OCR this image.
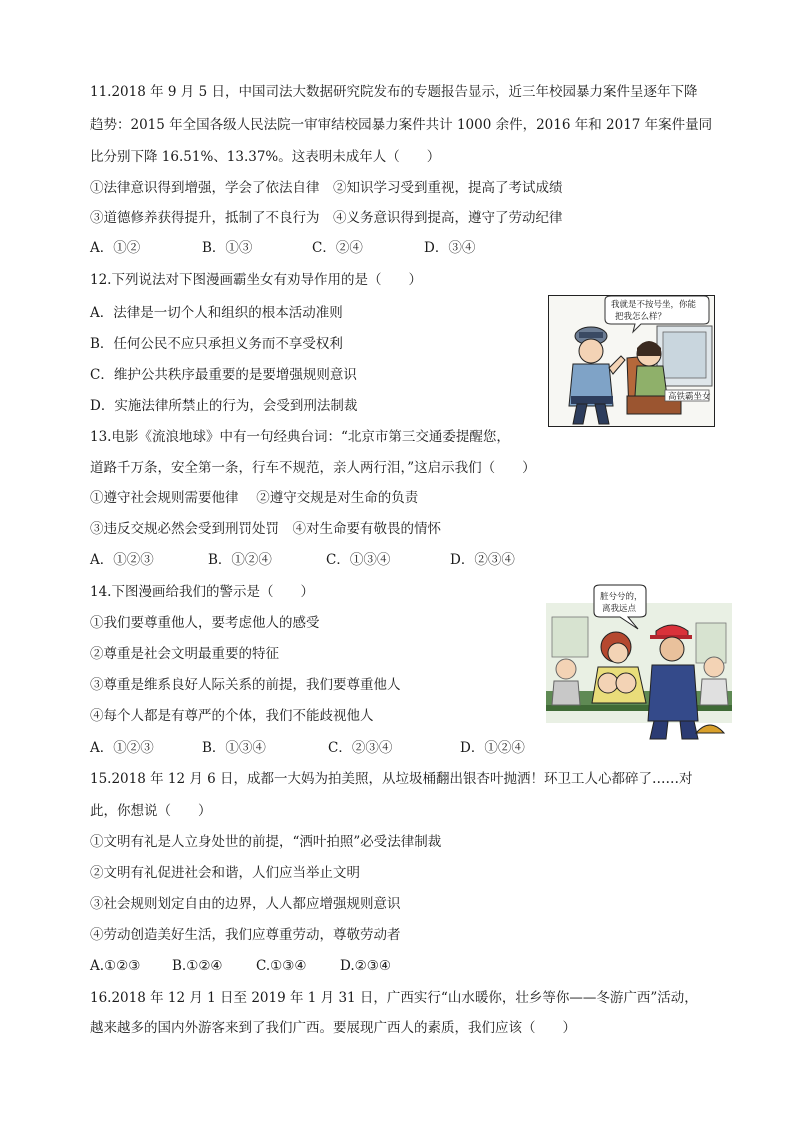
11.2018 年 9 月 5 日，中国司法大数据研究院发布的专题报告显示，近三年校园暴力案件呈逐年下降
趋势：2015 年全国各级人民法院一审审结校园暴力案件共计 1000 余件，2016 年和 2017 年案件量同
比分别下降 16.51%、13.37%。这表明未成年人（　　）
①法律意识得到增强，学会了依法自律　②知识学习受到重视，提高了考试成绩
③道德修养获得提升，抵制了不良行为　④义务意识得到提高，遵守了劳动纪律
A．①②	B．①③	C．②④	D．③④
12.下列说法对下图漫画霸坐女有劝导作用的是（　　）
A．法律是一切个人和组织的根本活动准则
B．任何公民不应只承担义务而不享受权利
C．维护公共秩序最重要的是要增强规则意识
D．实施法律所禁止的行为，会受到刑法制裁
我就是不按号坐，你能
把我怎么样？
高铁霸坐女
13.电影《流浪地球》中有一句经典台词：“北京市第三交通委提醒您，
道路千万条，安全第一条，行车不规范，亲人两行泪，”这启示我们（　　）
①遵守社会规则需要他律　 ②遵守交规是对生命的负责
③违反交规必然会受到刑罚处罚　④对生命要有敬畏的情怀
A．①②③	B．①②④	C．①③④	D．②③④
14.下图漫画给我们的警示是（　　）
①我们要尊重他人，要考虑他人的感受
②尊重是社会文明最重要的特征
③尊重是维系良好人际关系的前提，我们要尊重他人
④每个人都是有尊严的个体，我们不能歧视他人
A．①②③	B．①③④	C．②③④	D．①②④
脏兮兮的，
离我远点
15.2018 年 12 月 6 日，成都一大妈为拍美照，从垃圾桶翻出银杏叶抛洒！环卫工人心都碎了……对
此，你想说（　　）
①文明有礼是人立身处世的前提，“洒叶拍照”必受法律制裁
②文明有礼促进社会和谐，人们应当举止文明
③社会规则划定自由的边界，人人都应增强规则意识
④劳动创造美好生活，我们应尊重劳动，尊敬劳动者
A.①②③ B.①②④ C.①③④ D.②③④
16.2018 年 12 月 1 日至 2019 年 1 月 31 日，广西实行“山水暖你，壮乡等你——冬游广西”活动，
越来越多的国内外游客来到了我们广西。要展现广西人的素质，我们应该（　　）
